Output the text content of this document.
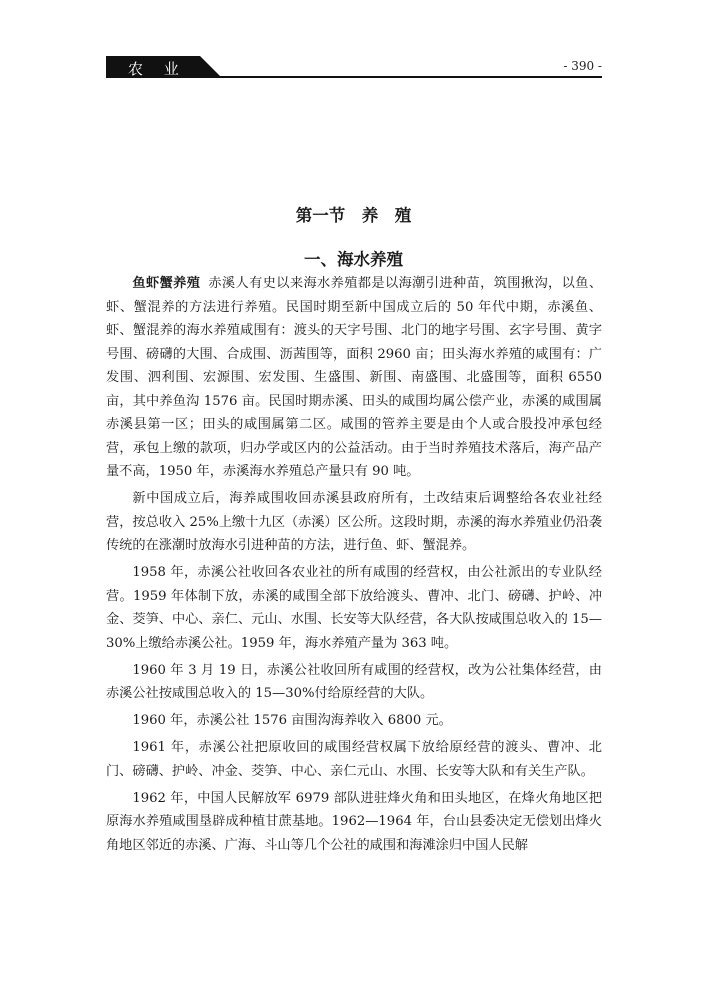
农 业	- 390 -
第一节　养　殖
一、海水养殖

鱼虾蟹养殖 赤溪人有史以来海水养殖都是以海潮引进种苗，筑围揪沟，以鱼、虾、蟹混养的方法进行养殖。民国时期至新中国成立后的 50 年代中期，赤溪鱼、虾、蟹混养的海水养殖咸围有：渡头的天字号围、北门的地字号围、玄字号围、黄字号围、磅礴的大围、合成围、沥茜围等，面积 2960 亩；田头海水养殖的咸围有：广发围、泗利围、宏源围、宏发围、生盛围、新围、南盛围、北盛围等，面积 6550 亩，其中养鱼沟 1576 亩。民国时期赤溪、田头的咸围均属公偿产业，赤溪的咸围属赤溪县第一区；田头的咸围属第二区。咸围的管养主要是由个人或合股投冲承包经营，承包上缴的款项，归办学或区内的公益活动。由于当时养殖技术落后，海产品产量不高，1950 年，赤溪海水养殖总产量只有 90 吨。

新中国成立后，海养咸围收回赤溪县政府所有，土改结束后调整给各农业社经营，按总收入 25%上缴十九区（赤溪）区公所。这段时期，赤溪的海水养殖业仍沿袭传统的在涨潮时放海水引进种苗的方法，进行鱼、虾、蟹混养。

1958 年，赤溪公社收回各农业社的所有咸围的经营权，由公社派出的专业队经营。1959 年体制下放，赤溪的咸围全部下放给渡头、曹冲、北门、磅礴、护岭、冲金、茭笋、中心、亲仁、元山、水围、长安等大队经营，各大队按咸围总收入的 15—30%上缴给赤溪公社。1959 年，海水养殖产量为 363 吨。

1960 年 3 月 19 日，赤溪公社收回所有咸围的经营权，改为公社集体经营，由赤溪公社按咸围总收入的 15—30%付给原经营的大队。

1960 年，赤溪公社 1576 亩围沟海养收入 6800 元。

1961 年，赤溪公社把原收回的咸围经营权属下放给原经营的渡头、曹冲、北门、磅礴、护岭、冲金、茭笋、中心、亲仁元山、水围、长安等大队和有关生产队。

1962 年，中国人民解放军 6979 部队进驻烽火角和田头地区，在烽火角地区把原海水养殖咸围垦辟成种植甘蔗基地。1962—1964 年，台山县委决定无偿划出烽火角地区邻近的赤溪、广海、斗山等几个公社的咸围和海滩涂归中国人民解
